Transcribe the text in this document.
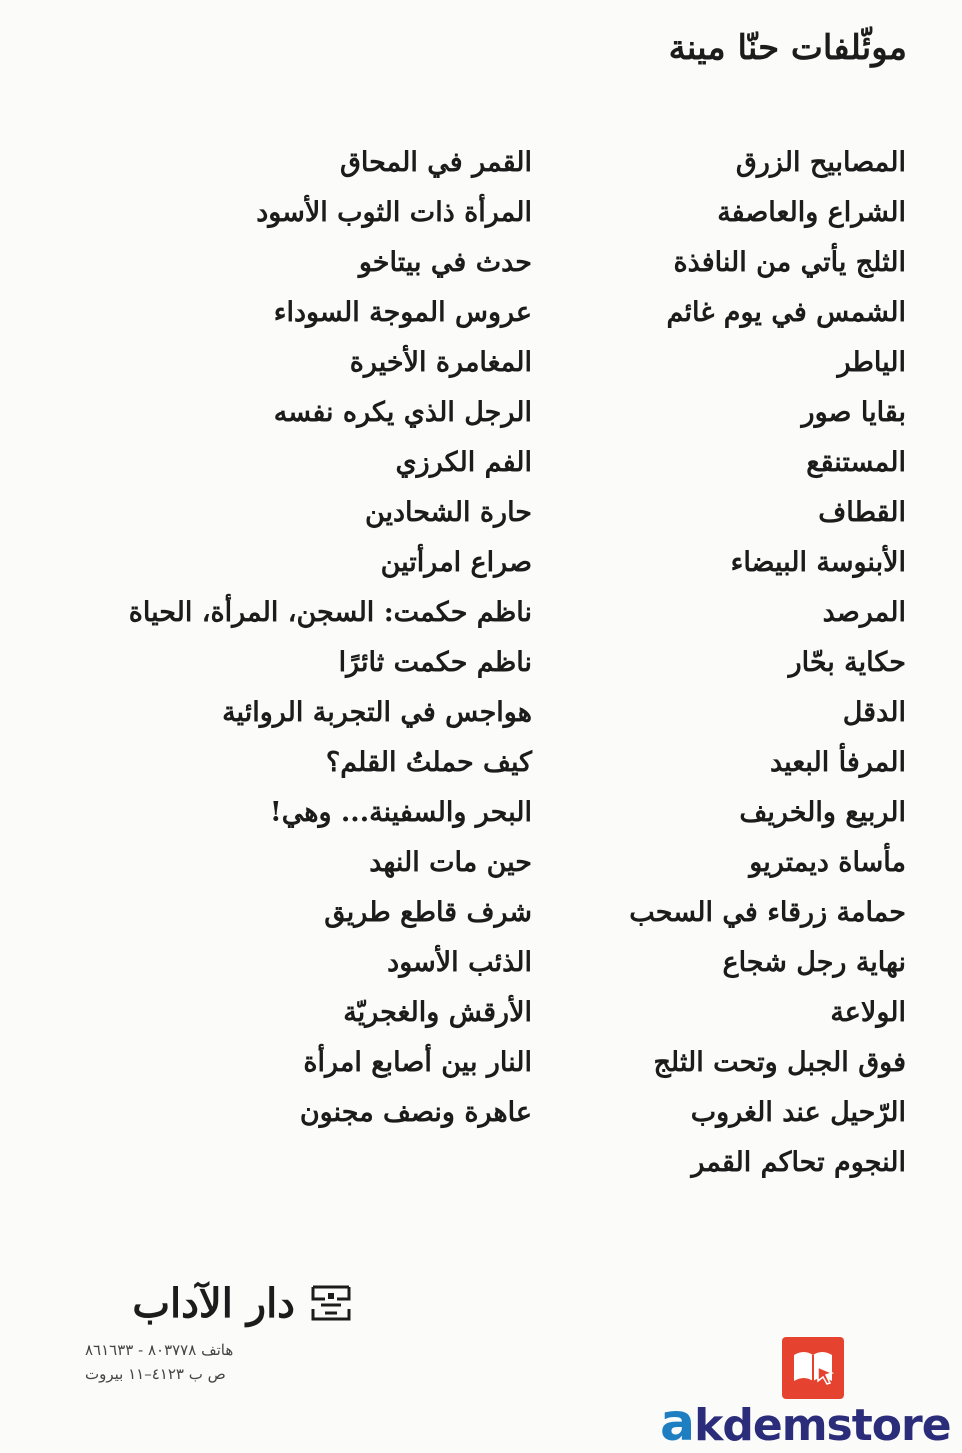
موئّلفات حنّا مينة
المصابيح الزرق
الشراع والعاصفة
الثلج يأتي من النافذة
الشمس في يوم غائم
الياطر
بقايا صور
المستنقع
القطاف
الأبنوسة البيضاء
المرصد
حكاية بحّار
الدقل
المرفأ البعيد
الربيع والخريف
مأساة ديمتريو
حمامة زرقاء في السحب
نهاية رجل شجاع
الولاعة
فوق الجبل وتحت الثلج
الرّحيل عند الغروب
النجوم تحاكم القمر
القمر في المحاق
المرأة ذات الثوب الأسود
حدث في بيتاخو
عروس الموجة السوداء
المغامرة الأخيرة
الرجل الذي يكره نفسه
الفم الكرزي
حارة الشحادين
صراع امرأتين
ناظم حكمت: السجن، المرأة، الحياة
ناظم حكمت ثائرًا
هواجس في التجربة الروائية
كيف حملتُ القلم؟
البحر والسفينة... وهي!
حين مات النهد
شرف قاطع طريق
الذئب الأسود
الأرقش والغجريّة
النار بين أصابع امرأة
عاهرة ونصف مجنون
دار الآداب
هاتف ٨٠٣٧٧٨ - ٨٦١٦٣٣
ص ب ٤١٢٣–١١ بيروت
akdemstore
